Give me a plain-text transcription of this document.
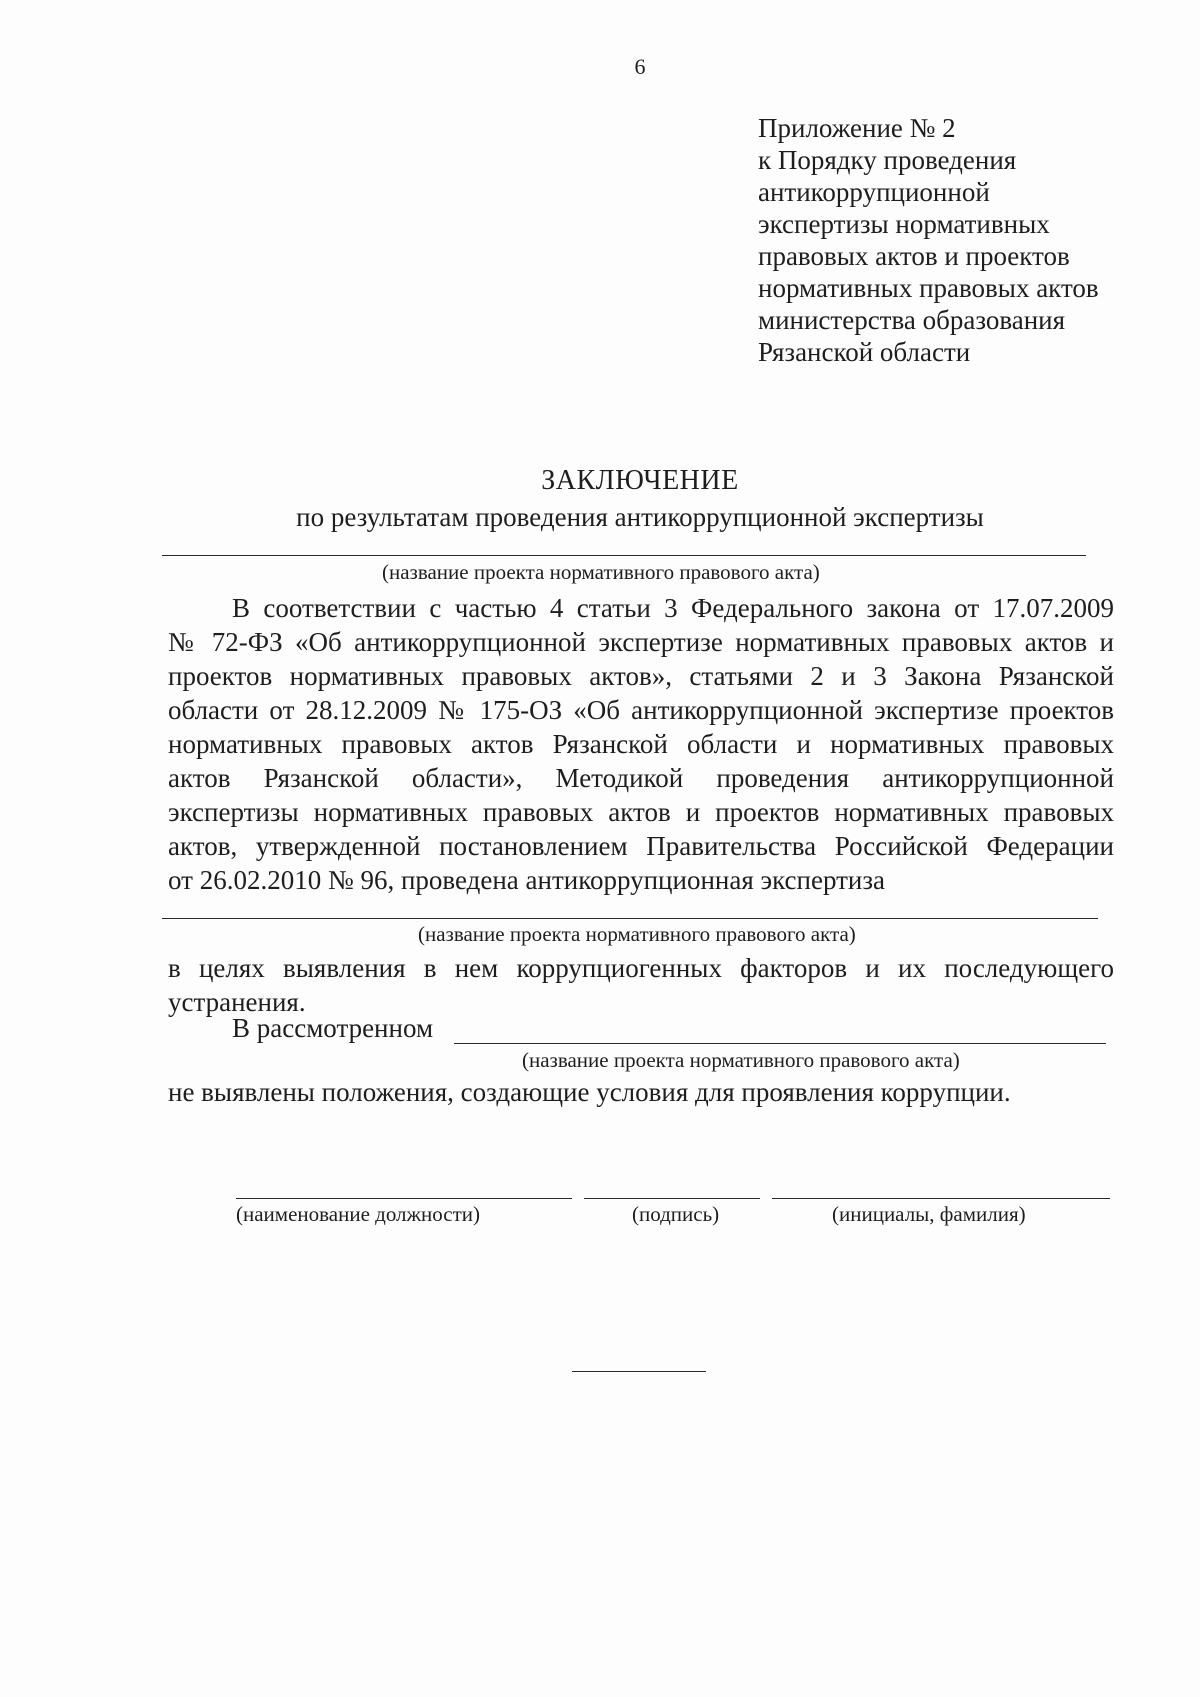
6
Приложение № 2
к Порядку проведения
антикоррупционной
экспертизы нормативных
правовых актов и проектов
нормативных правовых актов
министерства образования
Рязанской области
ЗАКЛЮЧЕНИЕ
по результатам проведения антикоррупционной экспертизы
(название проекта нормативного правового акта)
В соответствии с частью 4 статьи 3 Федерального закона от 17.07.2009
№ 72-ФЗ «Об антикоррупционной экспертизе нормативных правовых актов и
проектов нормативных правовых актов», статьями 2 и 3 Закона Рязанской
области от 28.12.2009 № 175-ОЗ «Об антикоррупционной экспертизе проектов
нормативных правовых актов Рязанской области и нормативных правовых
актов Рязанской области», Методикой проведения антикоррупционной
экспертизы нормативных правовых актов и проектов нормативных правовых
актов, утвержденной постановлением Правительства Российской Федерации
от 26.02.2010 № 96, проведена антикоррупционная экспертиза
(название проекта нормативного правового акта)
в целях выявления в нем коррупциогенных факторов и их последующего
устранения.
В рассмотренном
(название проекта нормативного правового акта)
не выявлены положения, создающие условия для проявления коррупции.
(наименование должности)	(подпись)	(инициалы, фамилия)
